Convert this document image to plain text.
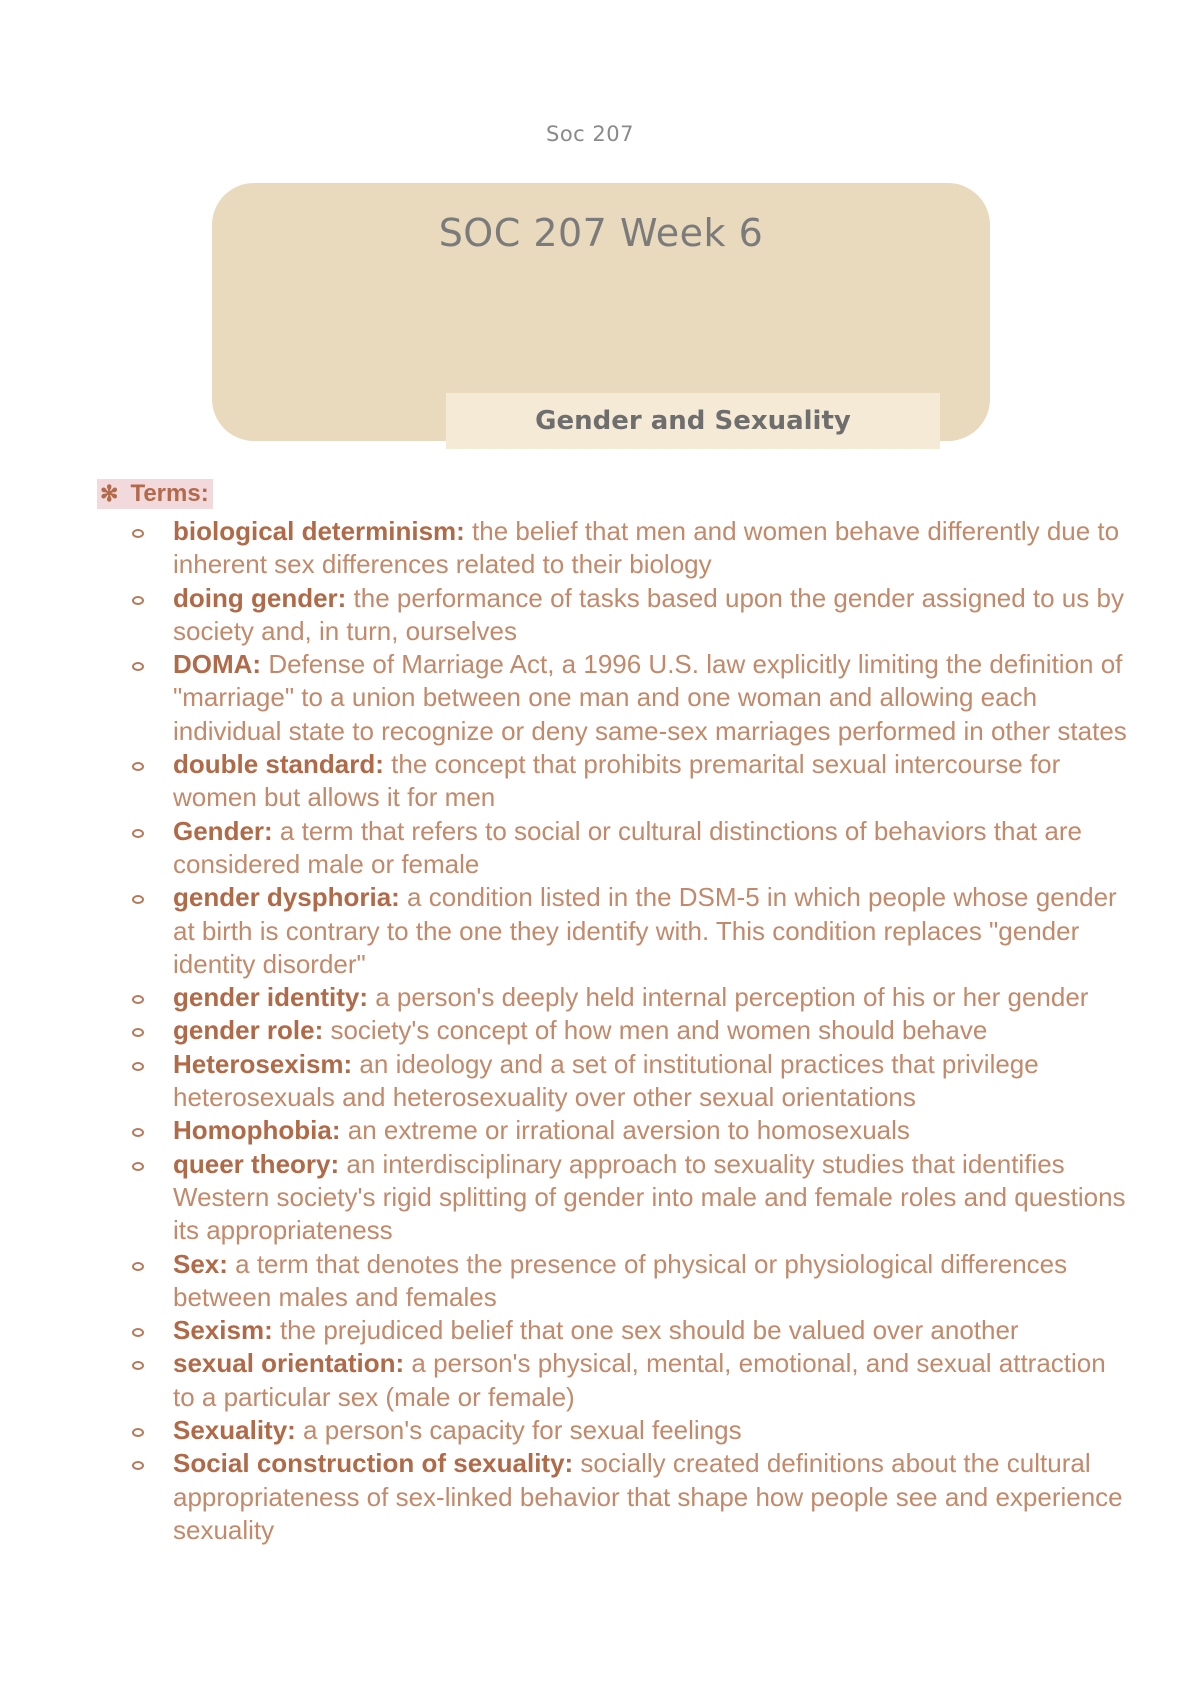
Soc 207
SOC 207 Week 6
Gender and Sexuality
✻ Terms:
biological determinism: the belief that men and women behave differently due to inherent sex differences related to their biology
doing gender: the performance of tasks based upon the gender assigned to us by society and, in turn, ourselves
DOMA: Defense of Marriage Act, a 1996 U.S. law explicitly limiting the definition of "marriage" to a union between one man and one woman and allowing each individual state to recognize or deny same-sex marriages performed in other states
double standard: the concept that prohibits premarital sexual intercourse for women but allows it for men
Gender: a term that refers to social or cultural distinctions of behaviors that are considered male or female
gender dysphoria: a condition listed in the DSM-5 in which people whose gender at birth is contrary to the one they identify with. This condition replaces "gender identity disorder"
gender identity: a person's deeply held internal perception of his or her gender
gender role: society's concept of how men and women should behave
Heterosexism: an ideology and a set of institutional practices that privilege heterosexuals and heterosexuality over other sexual orientations
Homophobia: an extreme or irrational aversion to homosexuals
queer theory: an interdisciplinary approach to sexuality studies that identifies Western society's rigid splitting of gender into male and female roles and questions its appropriateness
Sex: a term that denotes the presence of physical or physiological differences between males and females
Sexism: the prejudiced belief that one sex should be valued over another
sexual orientation: a person's physical, mental, emotional, and sexual attraction to a particular sex (male or female)
Sexuality: a person's capacity for sexual feelings
Social construction of sexuality: socially created definitions about the cultural appropriateness of sex-linked behavior that shape how people see and experience sexuality
